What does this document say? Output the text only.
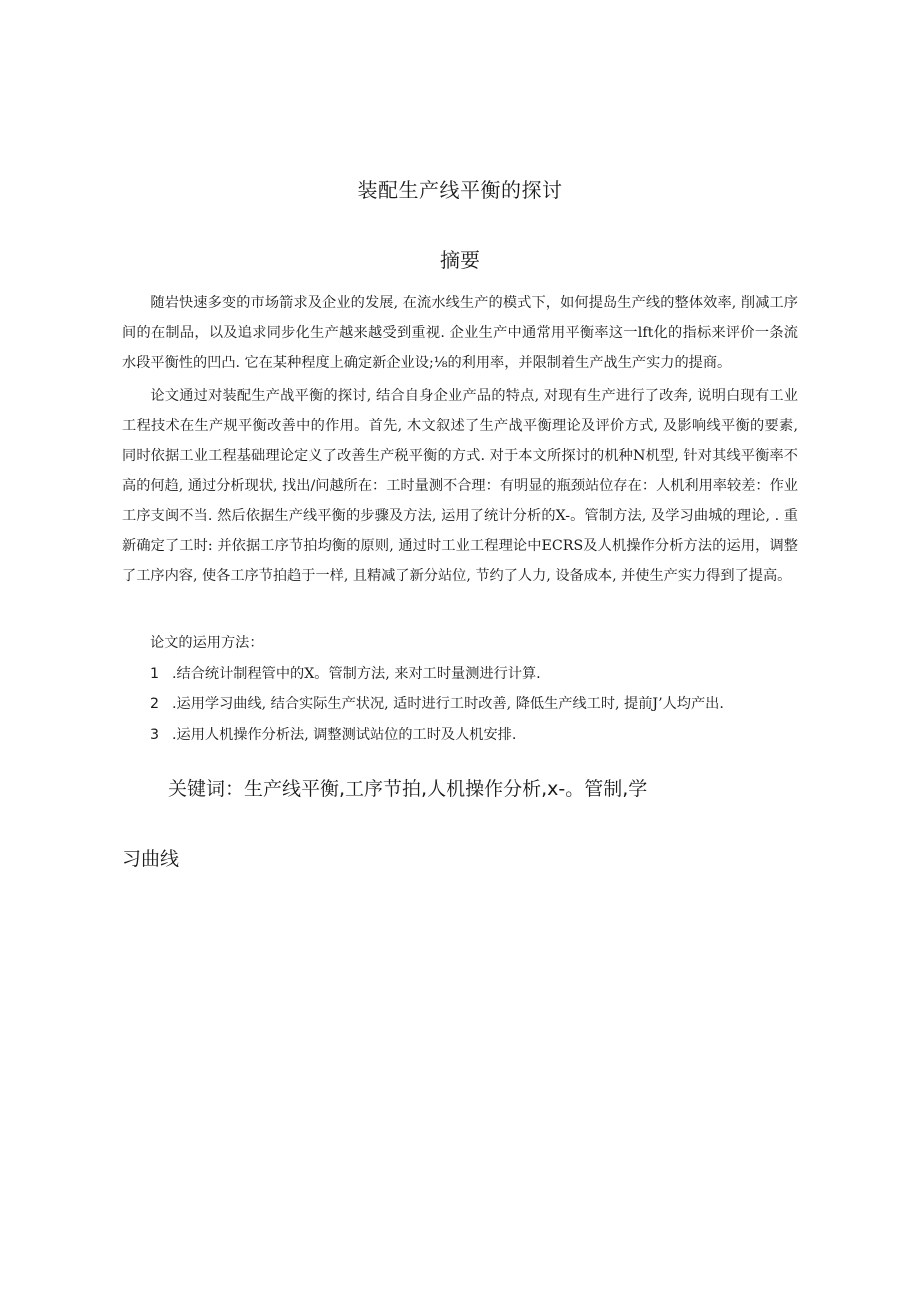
装配生产线平衡的探讨
摘要

随岩快速多变的市场箭求及企业的发展, 在流水线生产的模式下，如何提岛生产线的整体效率, 削减工序间的在制品，以及追求同步化生产越来越受到重视. 企业生产中通常用平衡率这一lft化的指标来评价一条流水段平衡性的凹凸. 它在某种程度上确定新企业设;⅛的利用率，并限制着生产战生产实力的提商。

论文通过对装配生产战平衡的探讨, 结合自身企业产品的特点, 对现有生产进行了改奔, 说明白现有工业工程技术在生产规平衡改善中的作用。首先, 木文叙述了生产战平衡理论及评价方式, 及影响线平衡的要素, 同时依据工业工程基础理论定义了改善生产税平衡的方式. 对于本文所探讨的机种N机型, 针对其线平衡率不高的何趋, 通过分析现状, 找出/问越所在：工时量测不合理：有明显的瓶颈站位存在：人机利用率较差：作业工序支闽不当. 然后依据生产线平衡的步骤及方法, 运用了统计分析的X-。管制方法, 及学习曲城的理论, . 重新确定了工时: 并依据工序节拍均衡的原则, 通过时工业工程理论中ECRS及人机操作分析方法的运用，调整了工序内容, 使各工序节拍趋于一样, 且精减了新分站位, 节约了人力, 设备成本, 并使生产实力得到了提高。

论文的运用方法：
1 .结合统计制程管中的X。管制方法, 来对工时量测进行计算.
2 .运用学习曲线, 结合实际生产状况, 适时进行工时改善, 降低生产线工时, 提前J’人均产出.
3 .运用人机操作分析法, 调整测试站位的工时及人机安排.
关键词：生产线平衡,工序节拍,人机操作分析,x-。管制,学
习曲线
